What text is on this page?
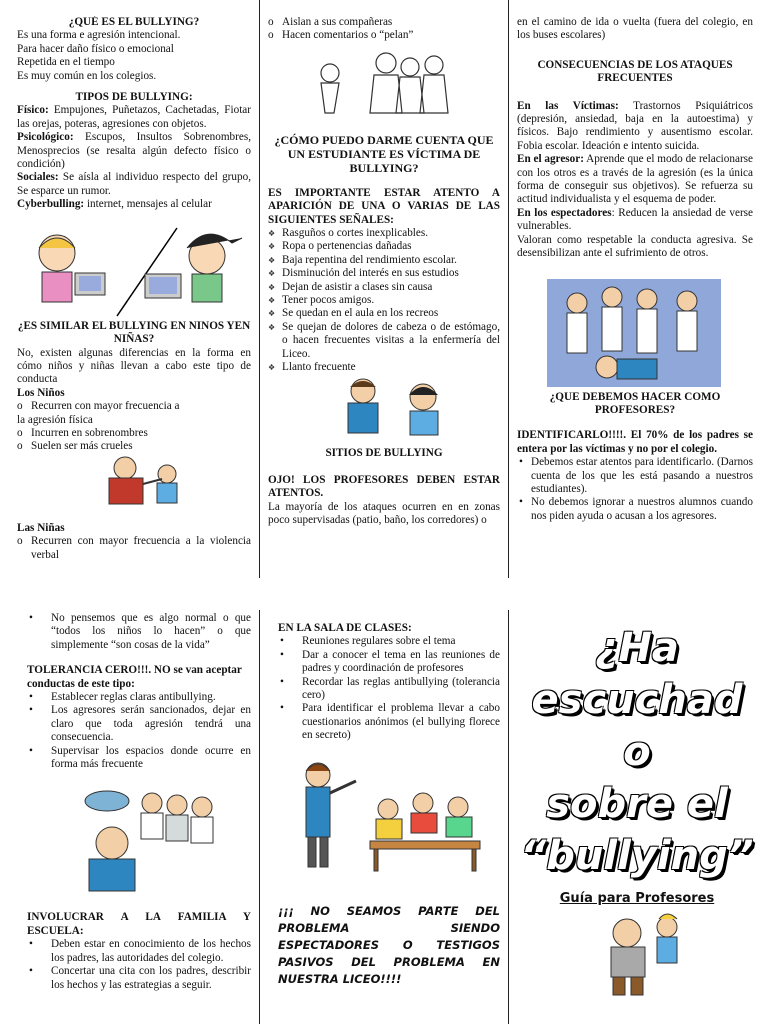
¿QUÉ ES EL BULLYING?

Es una forma e agresión intencional.

Para hacer daño físico o emocional

Repetida en el tiempo

Es muy común en los colegios.

TIPOS DE BULLYING:

Físico: Empujones, Puñetazos, Cachetadas, Fiotar las orejas, poteras, agresiones con objetos.

Psicológico: Escupos, Insultos Sobrenombres, Menosprecios (se resalta algún defecto físico o condición)

Sociales: Se aísla al individuo respecto del grupo, Se esparce un rumor.

Cyberbulling: internet, mensajes al celular

¿ES SIMILAR EL BULLYING EN NINOS YEN NIÑAS?

No, existen algunas diferencias en la forma en cómo niños y niñas llevan a cabo este tipo de conducta

Los Niños

o Recurren con mayor frecuencia a
la agresión física
o Incurren en sobrenombres
o Suelen ser más crueles

Las Niñas

o Recurren con mayor frecuencia a la violencia verbal
o Aislan a sus compañeras
o Hacen comentarios o “pelan”

¿CÓMO PUEDO DARME CUENTA QUE UN ESTUDIANTE ES VÍCTIMA DE BULLYING?

ES IMPORTANTE ESTAR ATENTO A APARICIÓN DE UNA O VARIAS DE LAS SIGUIENTES SEÑALES:

❖ Rasguños o cortes inexplicables.
❖ Ropa o pertenencias dañadas
❖ Baja repentina del rendimiento escolar.
❖ Disminución del interés en sus estudios
❖ Dejan de asistir a clases sin causa
❖ Tener pocos amigos.
❖ Se quedan en el aula en los recreos
❖ Se quejan de dolores de cabeza o de estómago, o hacen frecuentes visitas a la enfermería del Liceo.
❖ Llanto frecuente

SITIOS DE BULLYING

OJO! LOS PROFESORES DEBEN ESTAR ATENTOS.

La mayoría de los ataques ocurren en en zonas poco supervisadas (patio, baño, los corredores) o

en el camino de ida o vuelta (fuera del colegio, en los buses escolares)

CONSECUENCIAS DE LOS ATAQUES FRECUENTES

En las Víctimas: Trastornos Psiquiátricos (depresión, ansiedad, baja en la autoestima) y físicos. Bajo rendimiento y ausentismo escolar. Fobia escolar. Ideación e intento suicida.

En el agresor: Aprende que el modo de relacionarse con los otros es a través de la agresión (es la única forma de conseguir sus objetivos). Se refuerza su actitud individualista y el esquema de poder.

En los espectadores: Reducen la ansiedad de verse vulnerables.

Valoran como respetable la conducta agresiva. Se desensibilizan ante el sufrimiento de otros.

¿QUE DEBEMOS HACER COMO PROFESORES?

IDENTIFICARLO!!!!. El 70% de los padres se entera por las víctimas y no por el colegio.

• Debemos estar atentos para identificarlo. (Darnos cuenta de los que les está pasando a nuestros estudiantes).
• No debemos ignorar a nuestros alumnos cuando nos piden ayuda o acusan a los agresores.
• No pensemos que es algo normal o que “todos los niños lo hacen” o que simplemente “son cosas de la vida”

TOLERANCIA CERO!!!. NO se van aceptar conductas de este tipo:

• Establecer reglas claras antibullying.
• Los agresores serán sancionados, dejar en claro que toda agresión tendrá una consecuencia.
• Supervisar los espacios donde ocurre en forma más frecuente

INVOLUCRAR A LA FAMILIA Y ESCUELA:

• Deben estar en conocimiento de los hechos los padres, las autoridades del colegio.
• Concertar una cita con los padres, describir los hechos y las estrategias a seguir.

EN LA SALA DE CLASES:

• Reuniones regulares sobre el tema
• Dar a conocer el tema en las reuniones de padres y coordinación de profesores
• Recordar las reglas antibullying (tolerancia cero)
• Para identificar el problema llevar a cabo cuestionarios anónimos (el bullying florece en secreto)

¡¡¡ NO SEAMOS PARTE DEL PROBLEMA SIENDO ESPECTADORES O TESTIGOS PASIVOS DEL PROBLEMA EN NUESTRA LICEO!!!!

¿Ha
escuchad
o
sobre el
“bullying”
Guía para Profesores
